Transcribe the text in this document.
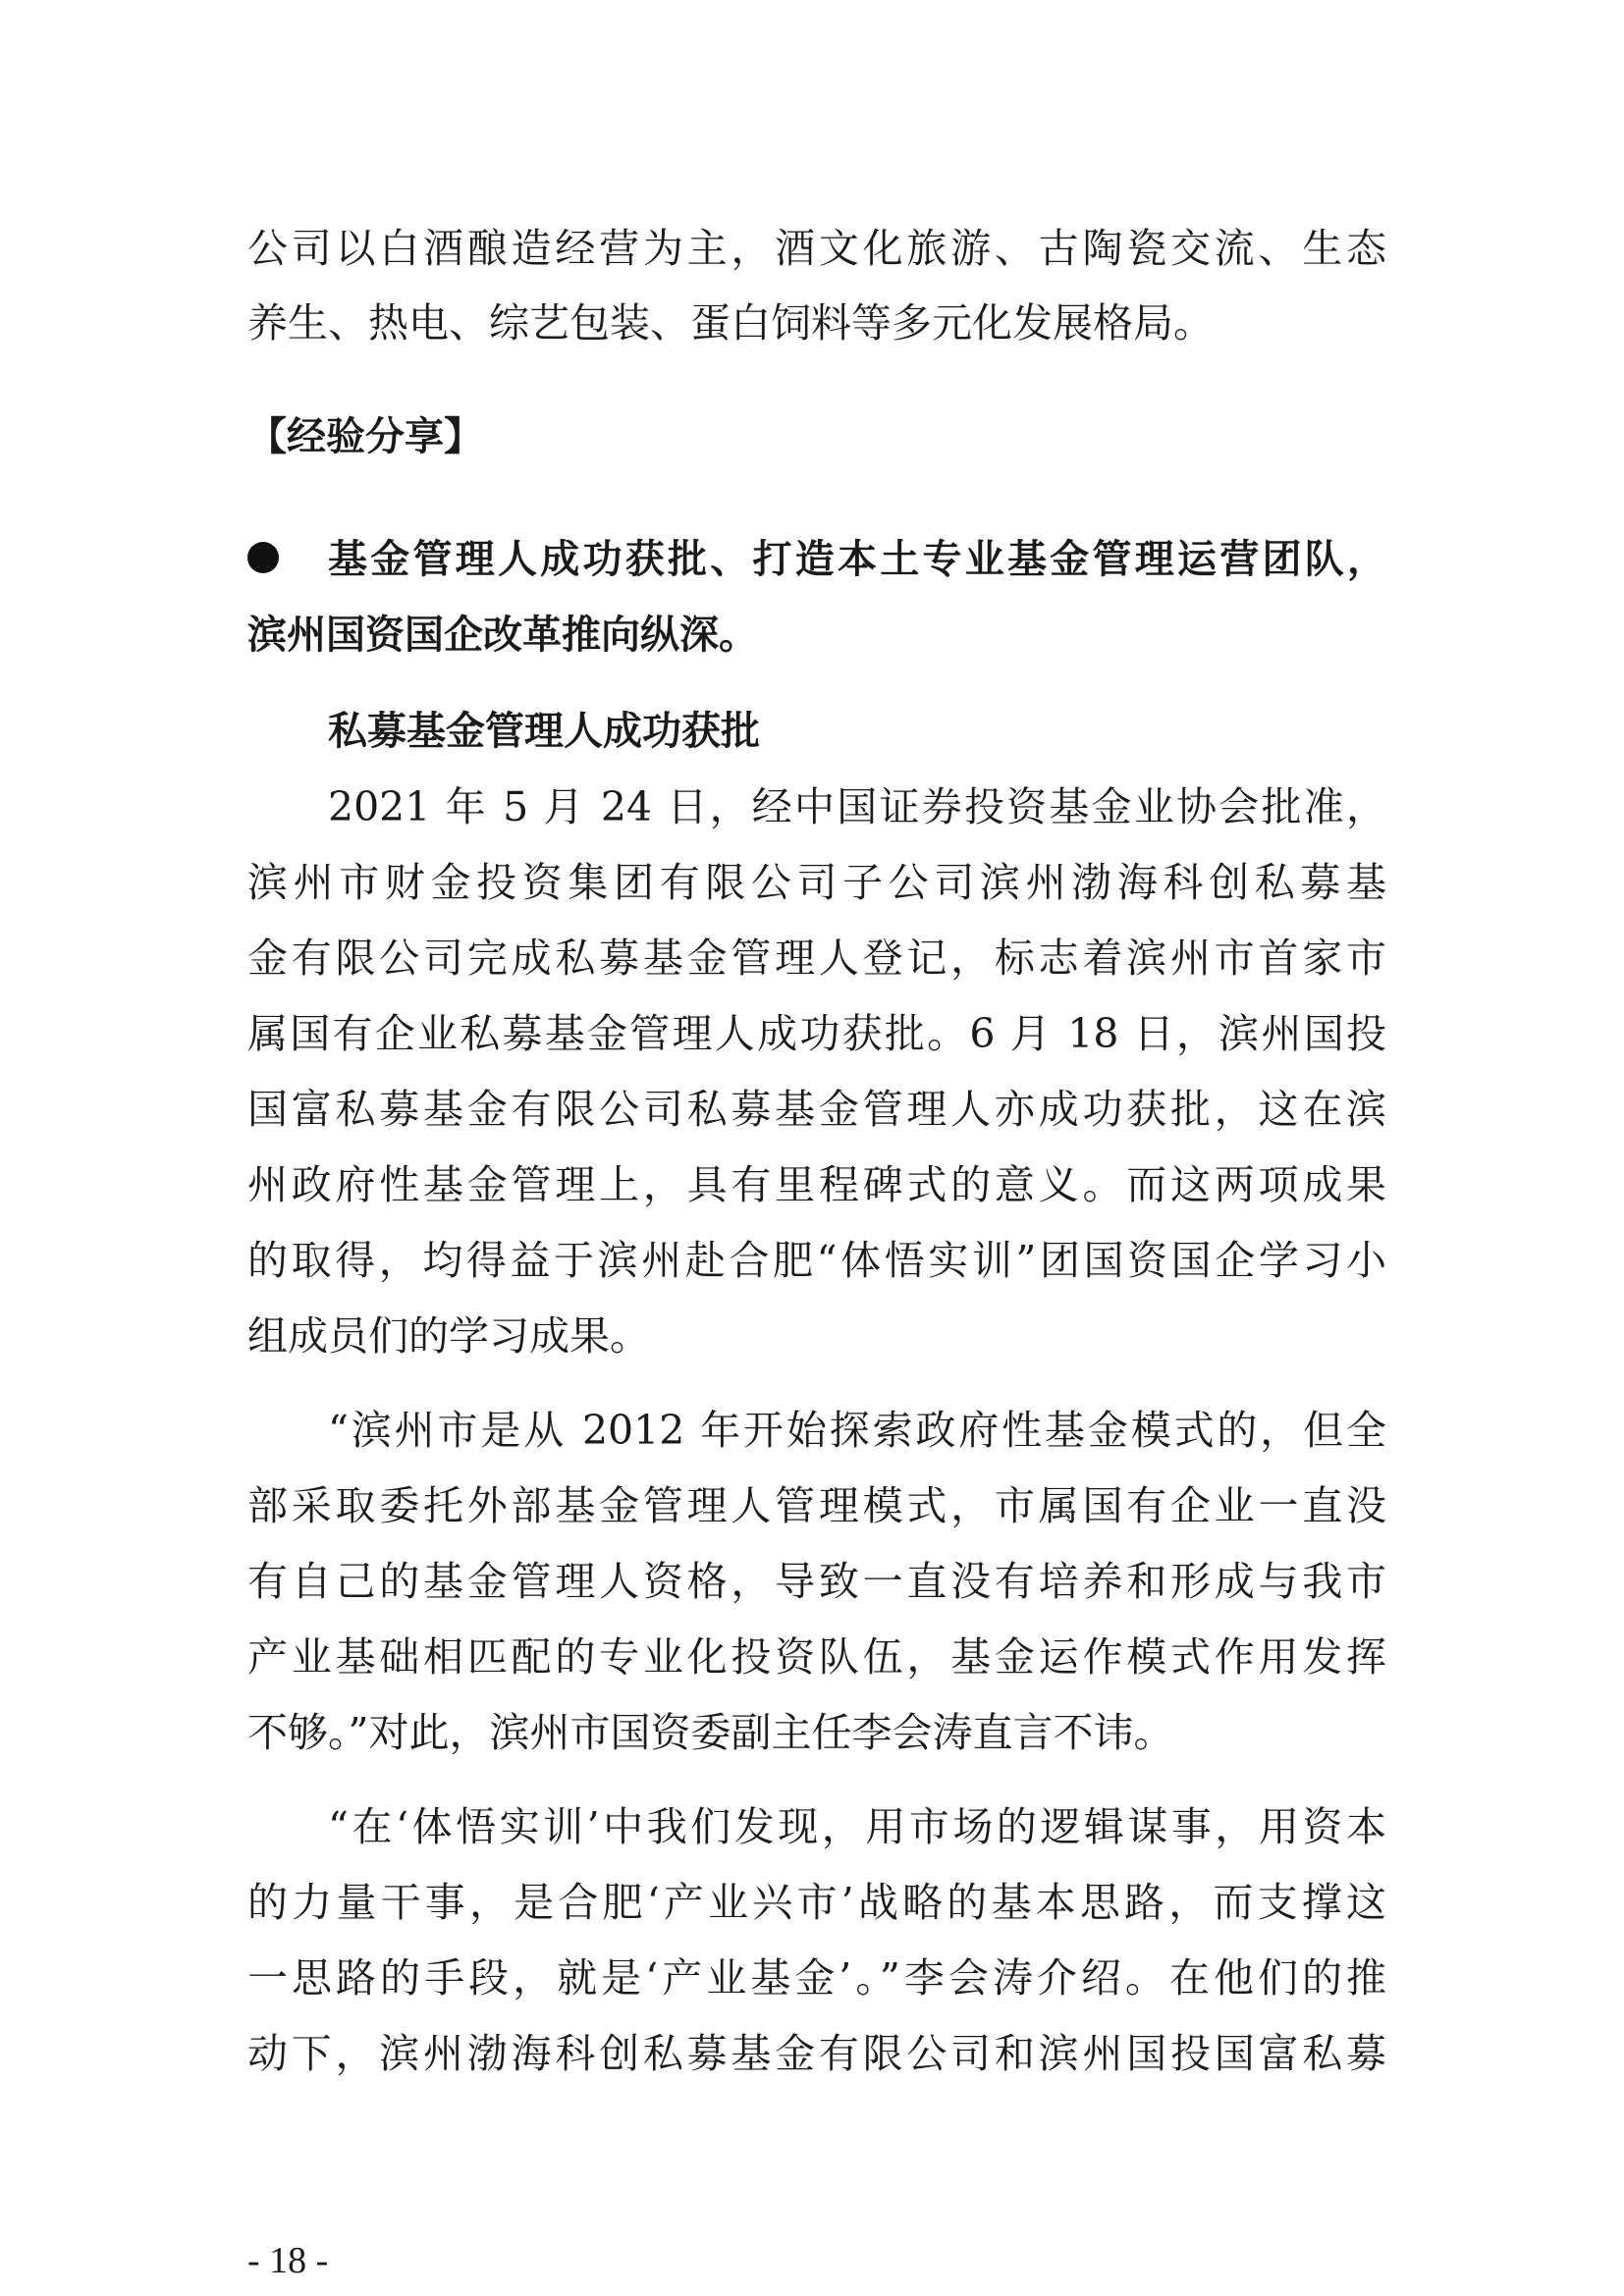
公司以白酒酿造经营为主，酒文化旅游、古陶瓷交流、生态
养生、热电、综艺包装、蛋白饲料等多元化发展格局。
【经验分享】
基金管理人成功获批、打造本土专业基金管理运营团队，
滨州国资国企改革推向纵深。
私募基金管理人成功获批
2021 年 5 月 24 日，经中国证券投资基金业协会批准，
滨州市财金投资集团有限公司子公司滨州渤海科创私募基
金有限公司完成私募基金管理人登记，标志着滨州市首家市
属国有企业私募基金管理人成功获批。6 月 18 日，滨州国投
国富私募基金有限公司私募基金管理人亦成功获批，这在滨
州政府性基金管理上，具有里程碑式的意义。而这两项成果
的取得，均得益于滨州赴合肥“体悟实训”团国资国企学习小
组成员们的学习成果。
“滨州市是从 2012 年开始探索政府性基金模式的，但全
部采取委托外部基金管理人管理模式，市属国有企业一直没
有自己的基金管理人资格，导致一直没有培养和形成与我市
产业基础相匹配的专业化投资队伍，基金运作模式作用发挥
不够。”对此，滨州市国资委副主任李会涛直言不讳。
“在‘体悟实训’中我们发现，用市场的逻辑谋事，用资本
的力量干事，是合肥‘产业兴市’战略的基本思路，而支撑这
一思路的手段，就是‘产业基金’。”李会涛介绍。在他们的推
动下，滨州渤海科创私募基金有限公司和滨州国投国富私募
- 18 -
